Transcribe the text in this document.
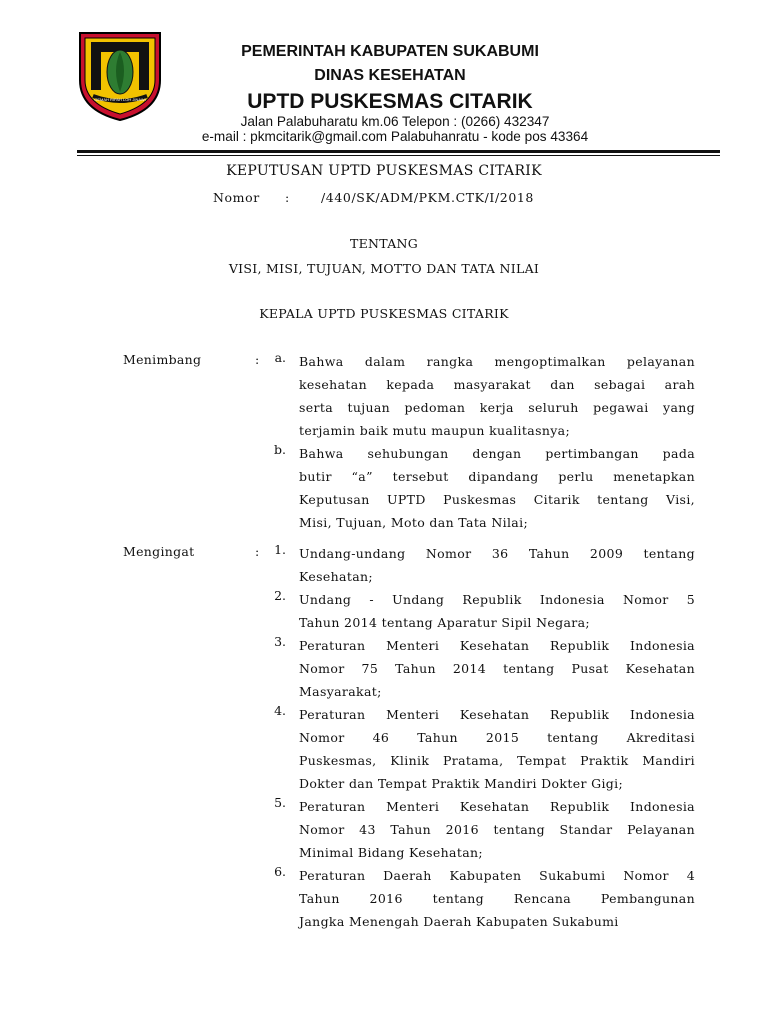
GEMAH RIPAH LOH JINAWI
PEMERINTAH KABUPATEN SUKABUMI
DINAS KESEHATAN
UPTD PUSKESMAS CITARIK
Jalan Palabuharatu km.06 Telepon : (0266) 432347
e-mail : pkmcitarik@gmail.com Palabuhanratu - kode pos 43364
KEPUTUSAN UPTD PUSKESMAS CITARIK
Nomor : /440/SK/ADM/PKM.CTK/I/2018
TENTANG
VISI, MISI, TUJUAN, MOTTO DAN TATA NILAI
KEPALA UPTD PUSKESMAS CITARIK
Menimbang	:	a. Bahwa dalam rangka mengoptimalkan pelayanan
kesehatan kepada masyarakat dan sebagai arah
serta tujuan pedoman kerja seluruh pegawai yang
terjamin baik mutu maupun kualitasnya;
b. Bahwa sehubungan dengan pertimbangan pada
butir “a” tersebut dipandang perlu menetapkan
Keputusan UPTD Puskesmas Citarik tentang Visi,
Misi, Tujuan, Moto dan Tata Nilai;
Mengingat	:	1. Undang-undang Nomor 36 Tahun 2009 tentang
Kesehatan;
2. Undang - Undang Republik Indonesia Nomor 5
Tahun 2014 tentang Aparatur Sipil Negara;
3. Peraturan Menteri Kesehatan Republik Indonesia
Nomor 75 Tahun 2014 tentang Pusat Kesehatan
Masyarakat;
4. Peraturan Menteri Kesehatan Republik Indonesia
Nomor 46 Tahun 2015 tentang Akreditasi
Puskesmas, Klinik Pratama, Tempat Praktik Mandiri
Dokter dan Tempat Praktik Mandiri Dokter Gigi;
5. Peraturan Menteri Kesehatan Republik Indonesia
Nomor 43 Tahun 2016 tentang Standar Pelayanan
Minimal Bidang Kesehatan;
6. Peraturan Daerah Kabupaten Sukabumi Nomor 4
Tahun 2016 tentang Rencana Pembangunan
Jangka Menengah Daerah Kabupaten Sukabumi
